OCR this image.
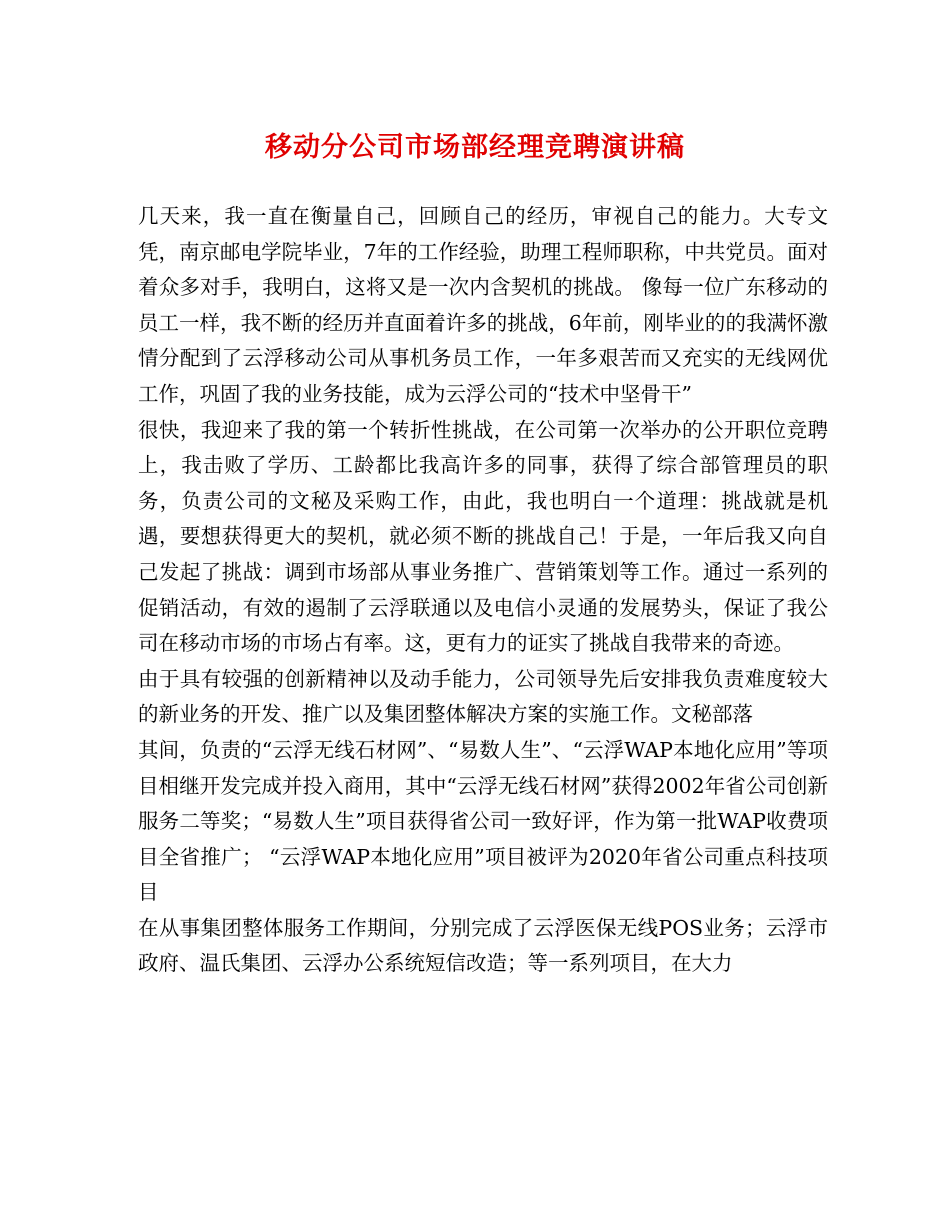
移动分公司市场部经理竞聘演讲稿

几天来，我一直在衡量自己，回顾自己的经历，审视自己的能力。大专文凭，南京邮电学院毕业，7年的工作经验，助理工程师职称，中共党员。面对着众多对手，我明白，这将又是一次内含契机的挑战。 像每一位广东移动的员工一样，我不断的经历并直面着许多的挑战，6年前，刚毕业的的我满怀激情分配到了云浮移动公司从事机务员工作，一年多艰苦而又充实的无线网优工作，巩固了我的业务技能，成为云浮公司的“技术中坚骨干”

很快，我迎来了我的第一个转折性挑战，在公司第一次举办的公开职位竞聘上，我击败了学历、工龄都比我高许多的同事，获得了综合部管理员的职务，负责公司的文秘及采购工作，由此，我也明白一个道理：挑战就是机遇，要想获得更大的契机，就必须不断的挑战自己！于是，一年后我又向自己发起了挑战：调到市场部从事业务推广、营销策划等工作。通过一系列的促销活动，有效的遏制了云浮联通以及电信小灵通的发展势头，保证了我公司在移动市场的市场占有率。这，更有力的证实了挑战自我带来的奇迹。

由于具有较强的创新精神以及动手能力，公司领导先后安排我负责难度较大的新业务的开发、推广以及集团整体解决方案的实施工作。文秘部落

其间，负责的“云浮无线石材网”、“易数人生”、“云浮WAP本地化应用”等项目相继开发完成并投入商用，其中“云浮无线石材网”获得2002年省公司创新服务二等奖；“易数人生”项目获得省公司一致好评，作为第一批WAP收费项目全省推广； “云浮WAP本地化应用”项目被评为2020年省公司重点科技项目

在从事集团整体服务工作期间，分别完成了云浮医保无线POS业务；云浮市政府、温氏集团、云浮办公系统短信改造；等一系列项目，在大力
